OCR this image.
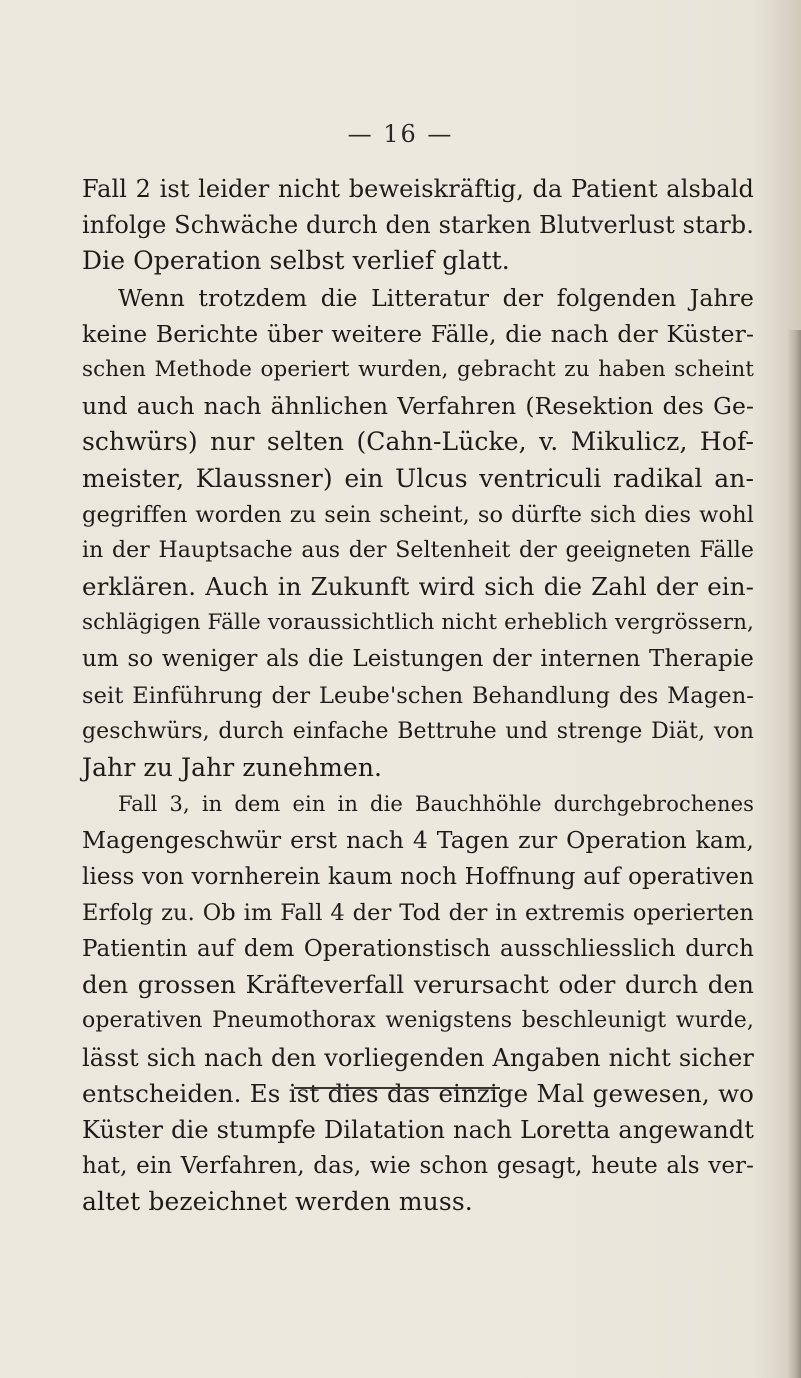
— 16 —
Fall 2 ist leider nicht beweiskräftig, da Patient alsbald
infolge Schwäche durch den starken Blutverlust starb.
Die Operation selbst verlief glatt.
Wenn trotzdem die Litteratur der folgenden Jahre
keine Berichte über weitere Fälle, die nach der Küster-
schen Methode operiert wurden, gebracht zu haben scheint
und auch nach ähnlichen Verfahren (Resektion des Ge-
schwürs) nur selten (Cahn-Lücke, v. Mikulicz, Hof-
meister, Klaussner) ein Ulcus ventriculi radikal an-
gegriffen worden zu sein scheint, so dürfte sich dies wohl
in der Hauptsache aus der Seltenheit der geeigneten Fälle
erklären. Auch in Zukunft wird sich die Zahl der ein-
schlägigen Fälle voraussichtlich nicht erheblich vergrössern,
um so weniger als die Leistungen der internen Therapie
seit Einführung der Leube'schen Behandlung des Magen-
geschwürs, durch einfache Bettruhe und strenge Diät, von
Jahr zu Jahr zunehmen.
Fall 3, in dem ein in die Bauchhöhle durchgebrochenes
Magengeschwür erst nach 4 Tagen zur Operation kam,
liess von vornherein kaum noch Hoffnung auf operativen
Erfolg zu. Ob im Fall 4 der Tod der in extremis operierten
Patientin auf dem Operationstisch ausschliesslich durch
den grossen Kräfteverfall verursacht oder durch den
operativen Pneumothorax wenigstens beschleunigt wurde,
lässt sich nach den vorliegenden Angaben nicht sicher
entscheiden. Es ist dies das einzige Mal gewesen, wo
Küster die stumpfe Dilatation nach Loretta angewandt
hat, ein Verfahren, das, wie schon gesagt, heute als ver-
altet bezeichnet werden muss.
